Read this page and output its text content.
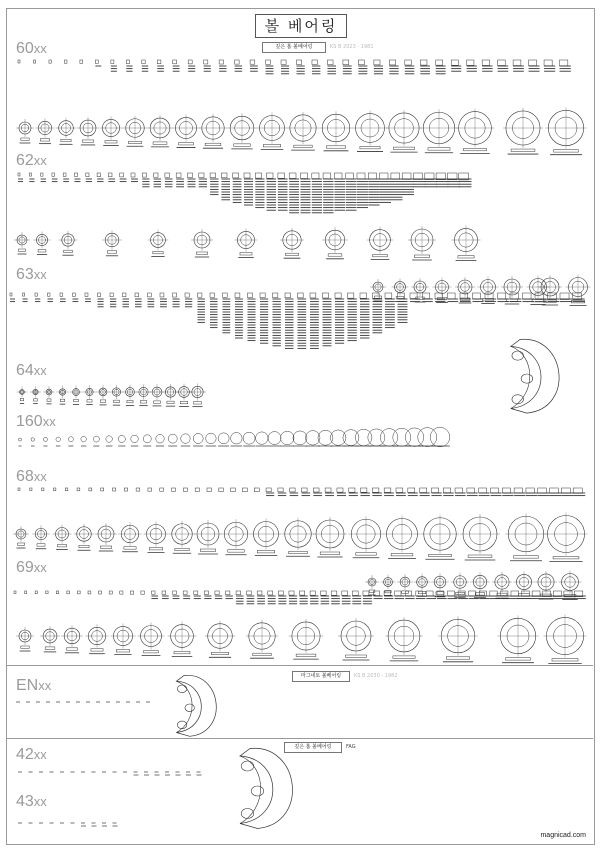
볼 베어링
깊은 홈 볼베어링	KS B 2023 - 1981
마그네토 볼베어링	KS B 2030 - 1982
깊은 홈 볼베어링	FAG
60xx
62xx
63xx
64xx
160xx
68xx
69xx
ENxx
42xx
43xx
magnicad.com
